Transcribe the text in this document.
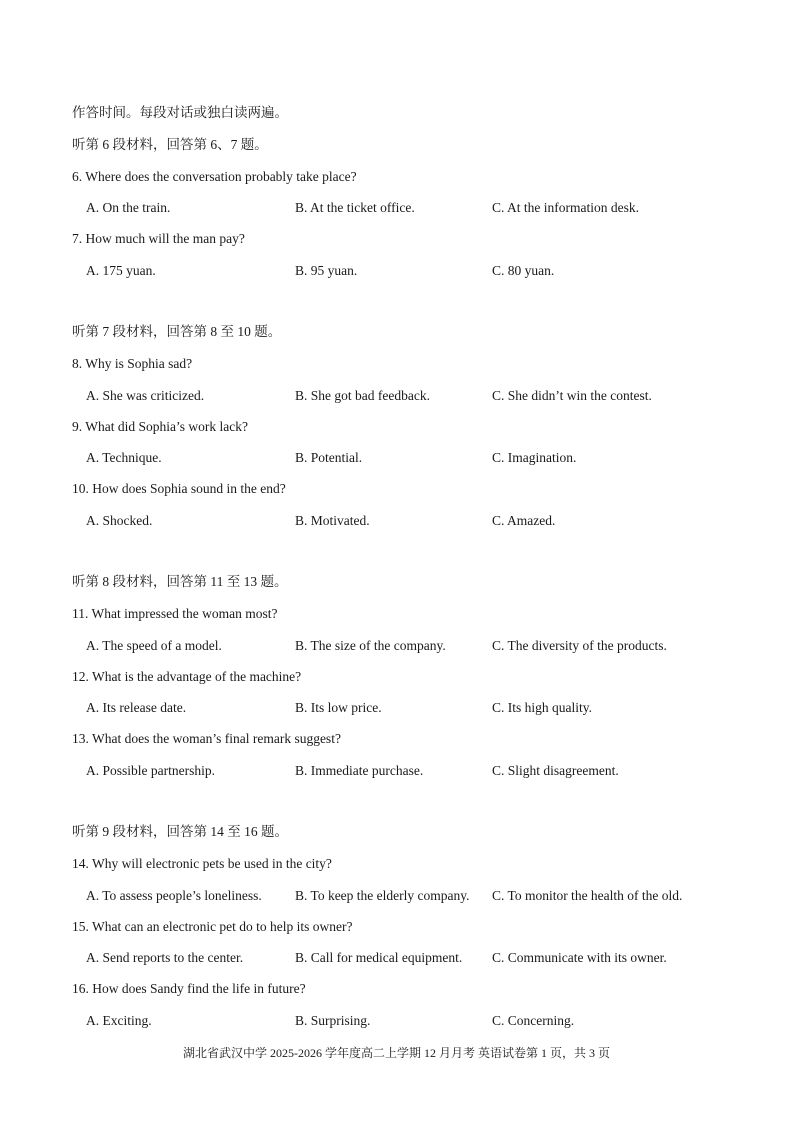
作答时间。每段对话或独白读两遍。
听第 6 段材料，回答第 6、7 题。
6. Where does the conversation probably take place?
A. On the train.	B. At the ticket office.	C. At the information desk.
7. How much will the man pay?
A. 175 yuan.	B. 95 yuan.	C. 80 yuan.
听第 7 段材料，回答第 8 至 10 题。
8. Why is Sophia sad?
A. She was criticized.	B. She got bad feedback.	C. She didn’t win the contest.
9. What did Sophia’s work lack?
A. Technique.	B. Potential.	C. Imagination.
10. How does Sophia sound in the end?
A. Shocked.	B. Motivated.	C. Amazed.
听第 8 段材料，回答第 11 至 13 题。
11. What impressed the woman most?
A. The speed of a model.	B. The size of the company.	C. The diversity of the products.
12. What is the advantage of the machine?
A. Its release date.	B. Its low price.	C. Its high quality.
13. What does the woman’s final remark suggest?
A. Possible partnership.	B. Immediate purchase.	C. Slight disagreement.
听第 9 段材料，回答第 14 至 16 题。
14. Why will electronic pets be used in the city?
A. To assess people’s loneliness. B. To keep the elderly company. C. To monitor the health of the old.
15. What can an electronic pet do to help its owner?
A. Send reports to the center.	B. Call for medical equipment. C. Communicate with its owner.
16. How does Sandy find the life in future?
A. Exciting.	B. Surprising.	C. Concerning.
湖北省武汉中学 2025-2026 学年度高二上学期 12 月月考 英语试卷第 1 页，共 3 页
